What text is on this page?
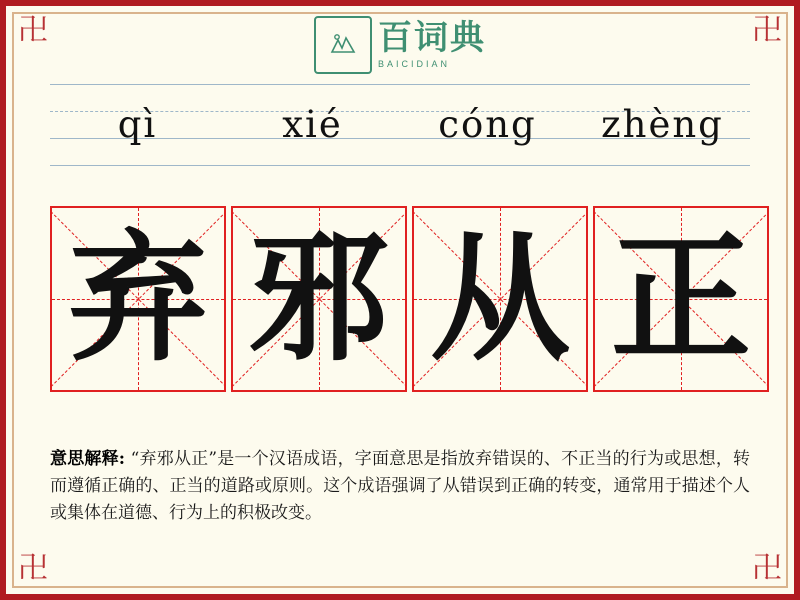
卍	卍
卍	卍
百词典
BAICIDIAN
qì	xié	cóng	zhèng
弃 邪 从 正
意思解释: “弃邪从正”是一个汉语成语，字面意思是指放弃错误的、不正当的行为或思想，转而遵循正确的、正当的道路或原则。这个成语强调了从错误到正确的转变，通常用于描述个人或集体在道德、行为上的积极改变。
